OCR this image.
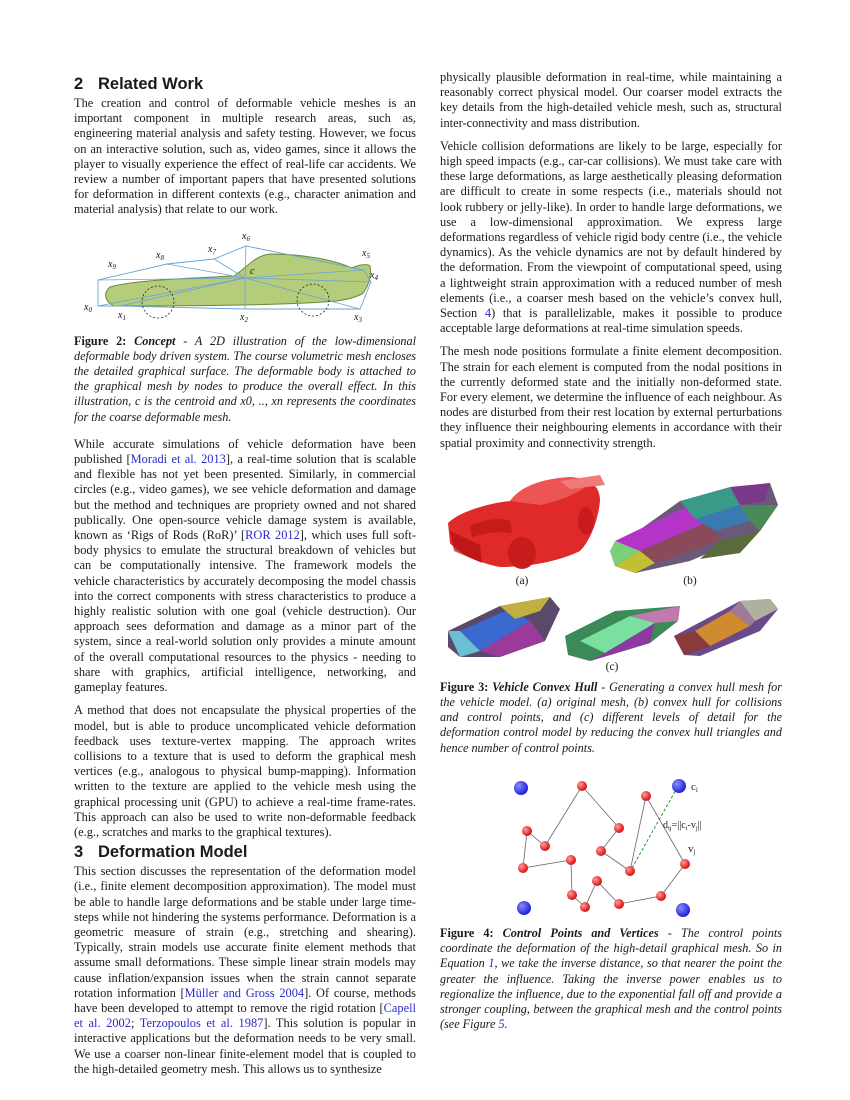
2 Related Work

The creation and control of deformable vehicle meshes is an important component in multiple research areas, such as, engineering material analysis and safety testing. However, we focus on an interactive solution, such as, video games, since it allows the player to visually experience the effect of real-life car accidents. We review a number of important papers that have presented solutions for deformation in different contexts (e.g., character animation and material analysis) that relate to our work.

$x_0$	$x_1$	$x_2$	$x_3$
$x_4$
$x_5$
$x_6$
$x_7$
$x_8$
$x_9$	c

Figure 2: Concept - A 2D illustration of the low-dimensional deformable body driven system. The course volumetric mesh encloses the detailed graphical surface. The deformable body is attached to the graphical mesh by nodes to produce the overall effect. In this illustration, c is the centroid and x0, .., xn represents the coordinates for the coarse deformable mesh.

While accurate simulations of vehicle deformation have been published [Moradi et al. 2013], a real-time solution that is scalable and flexible has not yet been presented. Similarly, in commercial circles (e.g., video games), we see vehicle deformation and damage but the method and techniques are propriety owned and not shared publically. One open-source vehicle damage system is available, known as ‘Rigs of Rods (RoR)’ [ROR 2012], which uses full soft-body physics to emulate the structural breakdown of vehicles but can be computationally intensive. The framework models the vehicle characteristics by accurately decomposing the model chassis into the correct components with stress characteristics to produce a highly realistic solution with one goal (vehicle destruction). Our approach sees deformation and damage as a minor part of the system, since a real-world solution only provides a minute amount of the overall computational resources to the physics - needing to share with graphics, artificial intelligence, networking, and gameplay features.

A method that does not encapsulate the physical properties of the model, but is able to produce uncomplicated vehicle deformation feedback uses texture-vertex mapping. The approach writes collisions to a texture that is used to deform the graphical mesh vertices (e.g., analogous to physical bump-mapping). Information written to the texture are applied to the vehicle mesh using the graphical processing unit (GPU) to achieve a real-time frame-rates. This approach can also be used to write non-deformable feedback (e.g., scratches and marks to the graphical textures).

3 Deformation Model

This section discusses the representation of the deformation model (i.e., finite element decomposition approximation). The model must be able to handle large deformations and be stable under large time-steps while not hindering the systems performance. Deformation is a geometric measure of strain (e.g., stretching and shearing). Typically, strain models use accurate finite element methods that assume small deformations. These simple linear strain models may cause inflation/expansion issues when the strain cannot separate rotation information [Müller and Gross 2004]. Of course, methods have been developed to attempt to remove the rigid rotation [Capell et al. 2002; Terzopoulos et al. 1987]. This solution is popular in interactive applications but the deformation needs to be very small. We use a coarser non-linear finite-element model that is coupled to the high-detailed geometry mesh. This allows us to synthesize

physically plausible deformation in real-time, while maintaining a reasonably correct physical model. Our coarser model extracts the key details from the high-detailed vehicle mesh, such as, structural inter-connectivity and mass distribution.

Vehicle collision deformations are likely to be large, especially for high speed impacts (e.g., car-car collisions). We must take care with these large deformations, as large aesthetically pleasing deformation are difficult to create in some respects (i.e., materials should not look rubbery or jelly-like). In order to handle large deformations, we use a low-dimensional approximation. We express large deformations regardless of vehicle rigid body centre (i.e., the vehicle dynamics). As the vehicle dynamics are not by default hindered by the deformation. From the viewpoint of computational speed, using a lightweight strain approximation with a reduced number of mesh elements (i.e., a coarser mesh based on the vehicle’s convex hull, Section 4) that is parallelizable, makes it possible to produce acceptable large deformations at real-time simulation speeds.

The mesh node positions formulate a finite element decomposition. The strain for each element is computed from the nodal positions in the currently deformed state and the initially non-deformed state. For every element, we determine the influence of each neighbour. As nodes are disturbed from their rest location by external perturbations they influence their neighbouring elements in accordance with their spatial proximity and connectivity strength.

(a)	(b)
(c)

Figure 3: Vehicle Convex Hull - Generating a convex hull mesh for the vehicle model. (a) original mesh, (b) convex hull for collisions and control points, and (c) different levels of detail for the deformation control model by reducing the convex hull triangles and hence number of control points.

ci
vj
$d_{ij}=||c_i-v_j||$

Figure 4: Control Points and Vertices - The control points coordinate the deformation of the high-detail graphical mesh. So in Equation 1, we take the inverse distance, so that nearer the point the greater the influence. Taking the inverse power enables us to regionalize the influence, due to the exponential fall off and provide a stronger coupling, between the graphical mesh and the control points (see Figure 5.
